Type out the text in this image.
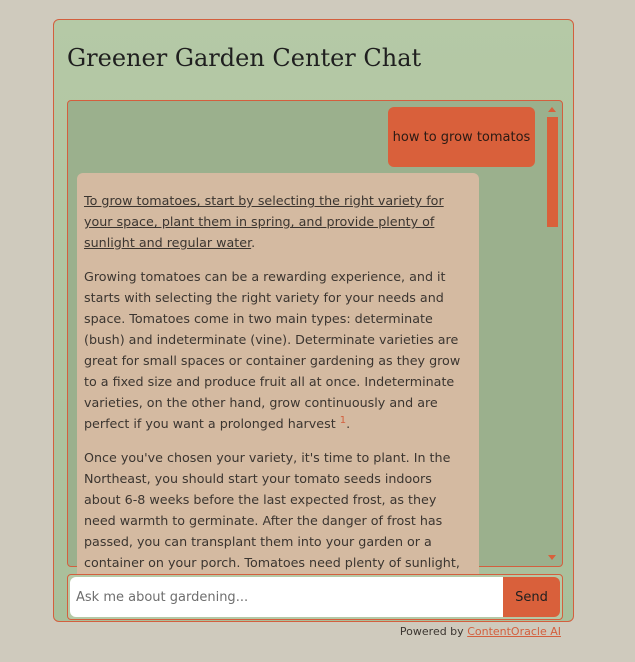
Greener Garden Center Chat
how to grow tomatos

To grow tomatoes, start by selecting the right variety for your space, plant them in spring, and provide plenty of sunlight and regular water.

Growing tomatoes can be a rewarding experience, and it starts with selecting the right variety for your needs and space. Tomatoes come in two main types: determinate (bush) and indeterminate (vine). Determinate varieties are great for small spaces or container gardening as they grow to a fixed size and produce fruit all at once. Indeterminate varieties, on the other hand, grow continuously and are perfect if you want a prolonged harvest $^1$.

Once you've chosen your variety, it's time to plant. In the Northeast, you should start your tomato seeds indoors about 6-8 weeks before the last expected frost, as they need warmth to germinate. After the danger of frost has passed, you can transplant them into your garden or a container on your porch. Tomatoes need plenty of sunlight,

Ask me about gardening...
Send
Powered by ContentOracle AI
